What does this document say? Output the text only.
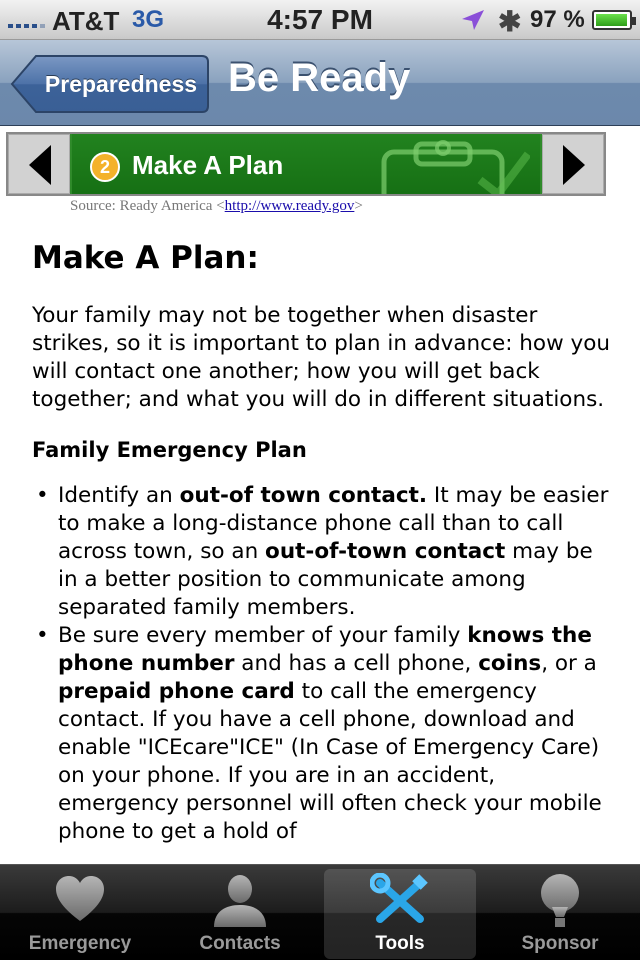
AT&T 3G	4:57 PM	✱ 97 %
Preparedness Be Ready
2 Make A Plan
Source: Ready America <http://www.ready.gov>
Make A Plan:

Your family may not be together when disaster strikes, so it is important to plan in advance: how you will contact one another; how you will get back together; and what you will do in different situations.

Family Emergency Plan
• Identify an out-of town contact. It may be easier to make a long-distance phone call than to call across town, so an out-of-town contact may be in a better position to communicate among separated family members.
• Be sure every member of your family knows the phone number and has a cell phone, coins, or a prepaid phone card to call the emergency contact. If you have a cell phone, download and enable "ICEcare"ICE" (In Case of Emergency Care) on your phone. If you are in an accident, emergency personnel will often check your mobile phone to get a hold of
Emergency	Contacts	Tools	Sponsor
